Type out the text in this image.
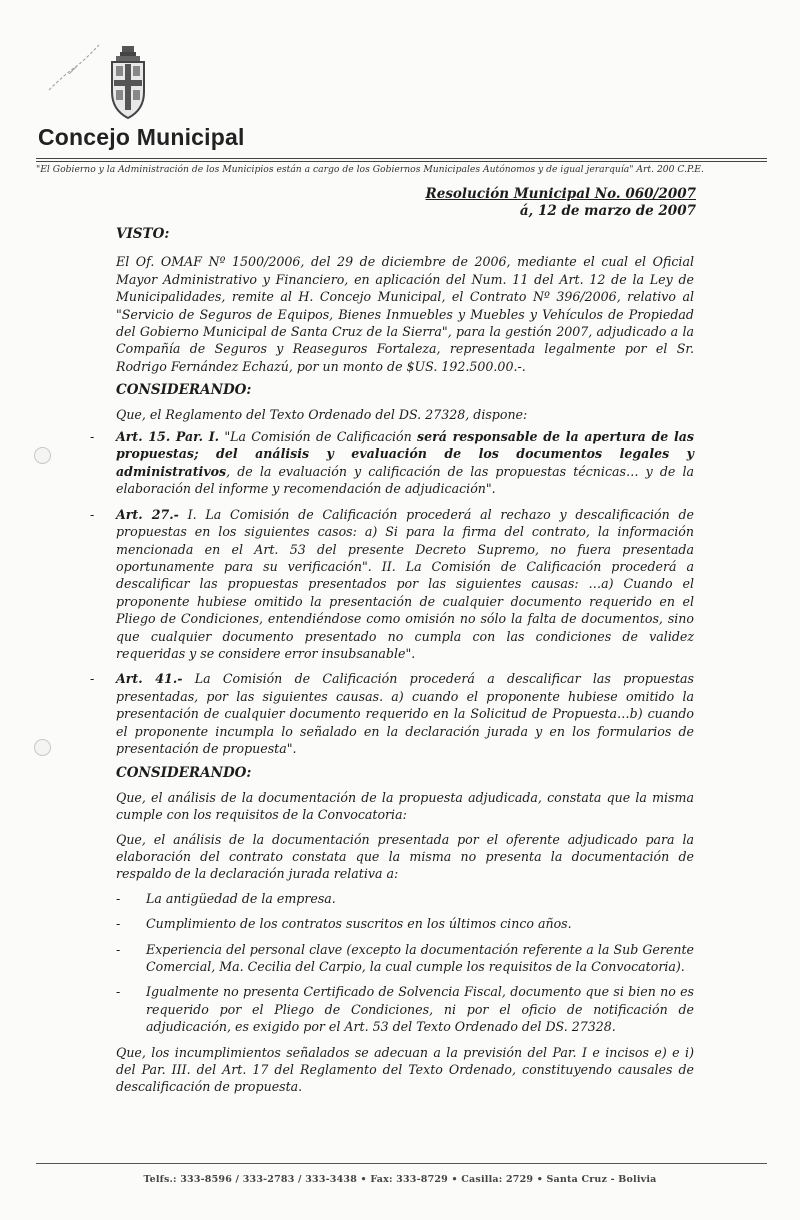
Concejo Municipal
"El Gobierno y la Administración de los Municipios están a cargo de los Gobiernos Municipales Autónomos y de igual jerarquía" Art. 200 C.P.E.
Resolución Municipal No. 060/2007
á, 12 de marzo de 2007
VISTO:
El Of. OMAF Nº 1500/2006, del 29 de diciembre de 2006, mediante el cual el Oficial Mayor Administrativo y Financiero, en aplicación del Num. 11 del Art. 12 de la Ley de Municipalidades, remite al H. Concejo Municipal, el Contrato Nº 396/2006, relativo al "Servicio de Seguros de Equipos, Bienes Inmuebles y Muebles y Vehículos de Propiedad del Gobierno Municipal de Santa Cruz de la Sierra", para la gestión 2007, adjudicado a la Compañía de Seguros y Reaseguros Fortaleza, representada legalmente por el Sr. Rodrigo Fernández Echazú, por un monto de $US. 192.500.00.-.
CONSIDERANDO:
Que, el Reglamento del Texto Ordenado del DS. 27328, dispone:
- Art. 15. Par. I. "La Comisión de Calificación será responsable de la apertura de las propuestas; del análisis y evaluación de los documentos legales y administrativos, de la evaluación y calificación de las propuestas técnicas… y de la elaboración del informe y recomendación de adjudicación".
- Art. 27.- I. La Comisión de Calificación procederá al rechazo y descalificación de propuestas en los siguientes casos: a) Si para la firma del contrato, la información mencionada en el Art. 53 del presente Decreto Supremo, no fuera presentada oportunamente para su verificación". II. La Comisión de Calificación procederá a descalificar las propuestas presentados por las siguientes causas: …a) Cuando el proponente hubiese omitido la presentación de cualquier documento requerido en el Pliego de Condiciones, entendiéndose como omisión no sólo la falta de documentos, sino que cualquier documento presentado no cumpla con las condiciones de validez requeridas y se considere error insubsanable".
- Art. 41.- La Comisión de Calificación procederá a descalificar las propuestas presentadas, por las siguientes causas. a) cuando el proponente hubiese omitido la presentación de cualquier documento requerido en la Solicitud de Propuesta…b) cuando el proponente incumpla lo señalado en la declaración jurada y en los formularios de presentación de propuesta".
CONSIDERANDO:
Que, el análisis de la documentación de la propuesta adjudicada, constata que la misma cumple con los requisitos de la Convocatoria:
Que, el análisis de la documentación presentada por el oferente adjudicado para la elaboración del contrato constata que la misma no presenta la documentación de respaldo de la declaración jurada relativa a:
- La antigüedad de la empresa.
- Cumplimiento de los contratos suscritos en los últimos cinco años.
- Experiencia del personal clave (excepto la documentación referente a la Sub Gerente Comercial, Ma. Cecilia del Carpio, la cual cumple los requisitos de la Convocatoria).
- Igualmente no presenta Certificado de Solvencia Fiscal, documento que si bien no es requerido por el Pliego de Condiciones, ni por el oficio de notificación de adjudicación, es exigido por el Art. 53 del Texto Ordenado del DS. 27328.
Que, los incumplimientos señalados se adecuan a la previsión del Par. I e incisos e) e i) del Par. III. del Art. 17 del Reglamento del Texto Ordenado, constituyendo causales de descalificación de propuesta.
Telfs.: 333-8596 / 333-2783 / 333-3438 • Fax: 333-8729 • Casilla: 2729 • Santa Cruz - Bolivia
